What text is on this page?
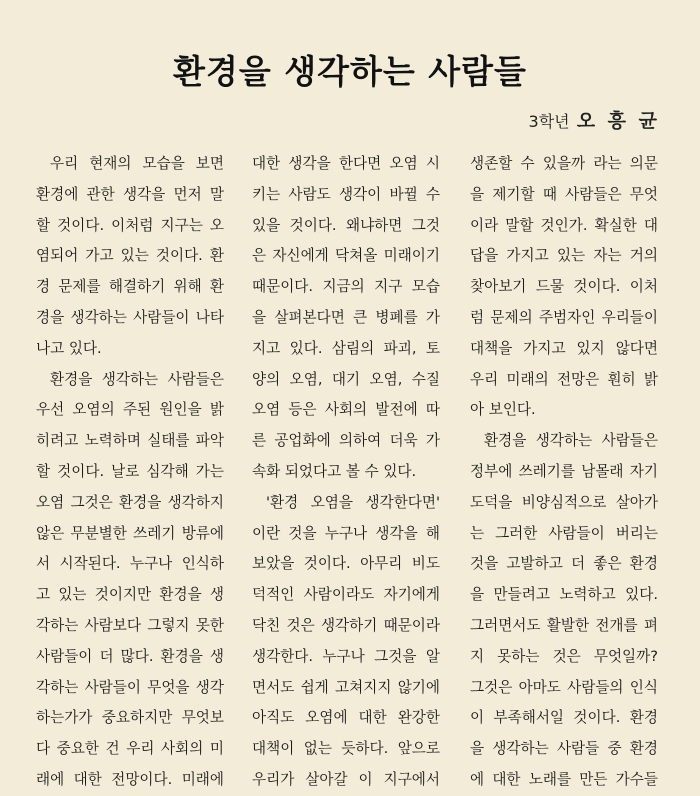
환경을 생각하는 사람들
3학년 오 흥 균
우리 현재의 모습을 보면
환경에 관한 생각을 먼저 말
할 것이다. 이처럼 지구는 오
염되어 가고 있는 것이다. 환
경 문제를 해결하기 위해 환
경을 생각하는 사람들이 나타
나고 있다.
환경을 생각하는 사람들은
우선 오염의 주된 원인을 밝
히려고 노력하며 실태를 파악
할 것이다. 날로 심각해 가는
오염 그것은 환경을 생각하지
않은 무분별한 쓰레기 방류에
서 시작된다. 누구나 인식하
고 있는 것이지만 환경을 생
각하는 사람보다 그렇지 못한
사람들이 더 많다. 환경을 생
각하는 사람들이 무엇을 생각
하는가가 중요하지만 무엇보
다 중요한 건 우리 사회의 미
래에 대한 전망이다. 미래에
대한 생각을 한다면 오염 시
키는 사람도 생각이 바뀔 수
있을 것이다. 왜냐하면 그것
은 자신에게 닥쳐올 미래이기
때문이다. 지금의 지구 모습
을 살펴본다면 큰 병폐를 가
지고 있다. 삼림의 파괴, 토
양의 오염, 대기 오염, 수질
오염 등은 사회의 발전에 따
른 공업화에 의하여 더욱 가
속화 되었다고 볼 수 있다.
'환경 오염을 생각한다면'
이란 것을 누구나 생각을 해
보았을 것이다. 아무리 비도
덕적인 사람이라도 자기에게
닥친 것은 생각하기 때문이라
생각한다. 누구나 그것을 알
면서도 쉽게 고쳐지지 않기에
아직도 오염에 대한 완강한
대책이 없는 듯하다. 앞으로
우리가 살아갈 이 지구에서
생존할 수 있을까 라는 의문
을 제기할 때 사람들은 무엇
이라 말할 것인가. 확실한 대
답을 가지고 있는 자는 거의
찾아보기 드물 것이다. 이처
럼 문제의 주범자인 우리들이
대책을 가지고 있지 않다면
우리 미래의 전망은 훤히 밝
아 보인다.
환경을 생각하는 사람들은
정부에 쓰레기를 남몰래 자기
도덕을 비양심적으로 살아가
는 그러한 사람들이 버리는
것을 고발하고 더 좋은 환경
을 만들려고 노력하고 있다.
그러면서도 활발한 전개를 펴
지 못하는 것은 무엇일까?
그것은 아마도 사람들의 인식
이 부족해서일 것이다. 환경
을 생각하는 사람들 중 환경
에 대한 노래를 만든 가수들
